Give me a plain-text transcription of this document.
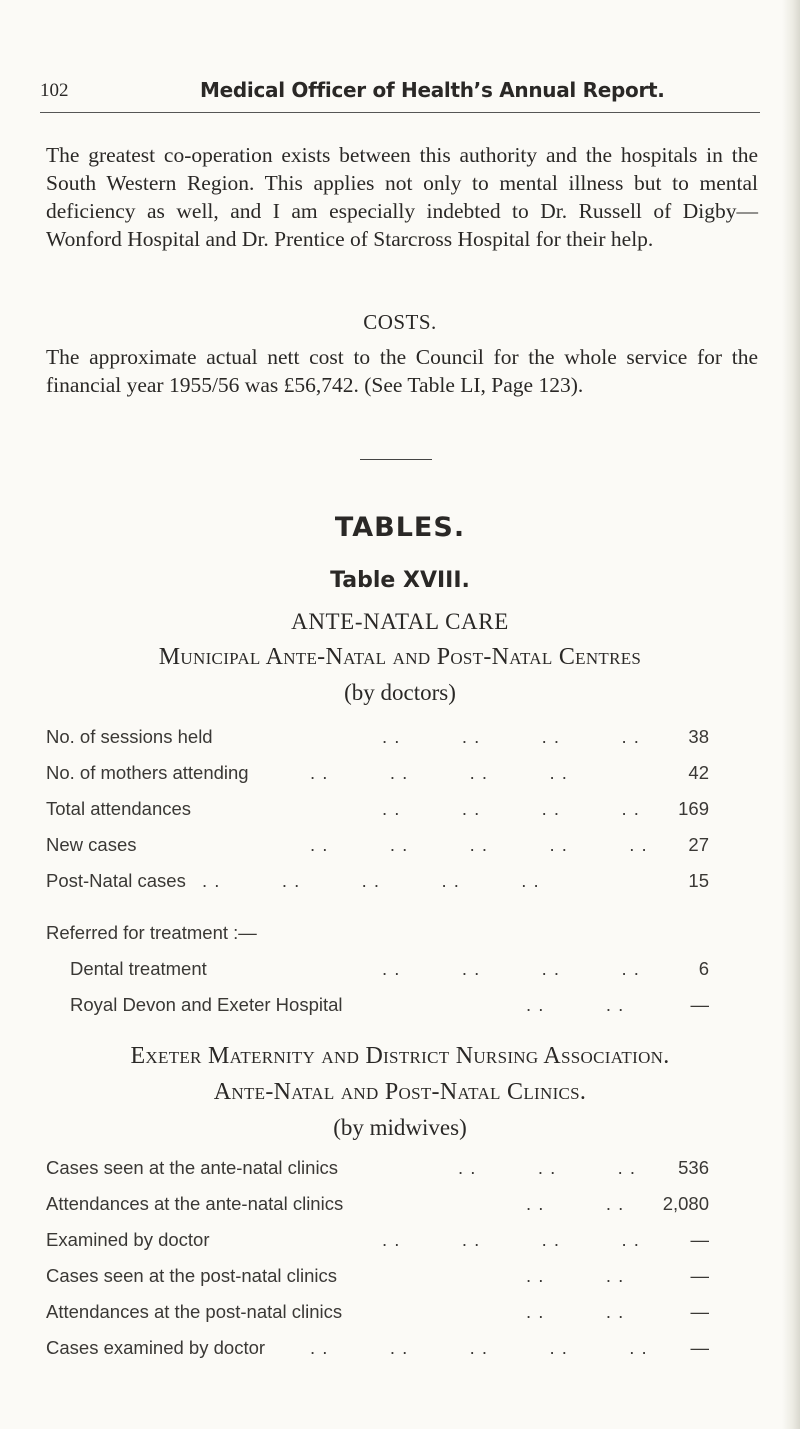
102	Medical Officer of Health’s Annual Report.

The greatest co-operation exists between this authority and the hospitals in the South Western Region. This applies not only to mental illness but to mental deficiency as well, and I am especially indebted to Dr. Russell of Digby—Wonford Hospital and Dr. Prentice of Starcross Hospital for their help.

COSTS.

The approximate actual nett cost to the Council for the whole service for the financial year 1955/56 was £56,742. (See Table LI, Page 123).

TABLES.
Table XVIII.
ANTE-NATAL CARE
Municipal Ante-Natal and Post-Natal Centres
(by doctors)
No. of sessions held	. .          . .          . .          . .	38
No. of mothers attending	. .          . .          . .          . .	42
Total attendances	. .          . .          . .          . . 169
New cases	. .          . .          . .          . .          . . 27
Post-Natal cases . .          . .          . .          . .          . .	15
Referred for treatment :—
Dental treatment	. .          . .          . .          . .	6
Royal Devon and Exeter Hospital	. .          . .	—
Exeter Maternity and District Nursing Association.
Ante-Natal and Post-Natal Clinics.
(by midwives)
Cases seen at the ante-natal clinics	. .          . .          . . 536
Attendances at the ante-natal clinics	. .          . . 2,080
Examined by doctor	. .          . .          . .          . .	—
Cases seen at the post-natal clinics	. .          . .	—
Attendances at the post-natal clinics	. .          . .	—
Cases examined by doctor . .          . .          . .          . .          . . —
